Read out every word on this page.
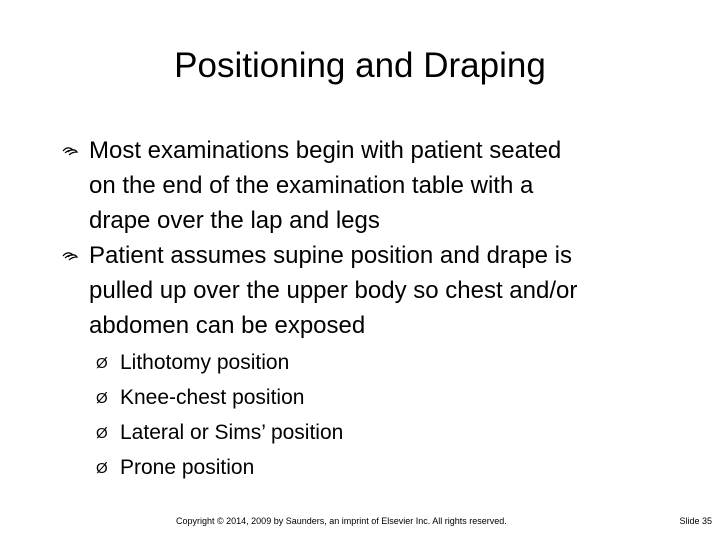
Positioning and Draping
Most examinations begin with patient seated
on the end of the examination table with a
drape over the lap and legs
Patient assumes supine position and drape is
pulled up over the upper body so chest and/or
abdomen can be exposed
Ø Lithotomy position
Ø Knee-chest position
Ø Lateral or Sims’ position
Ø Prone position
Copyright © 2014, 2009 by Saunders, an imprint of Elsevier Inc. All rights reserved.	Slide 35
